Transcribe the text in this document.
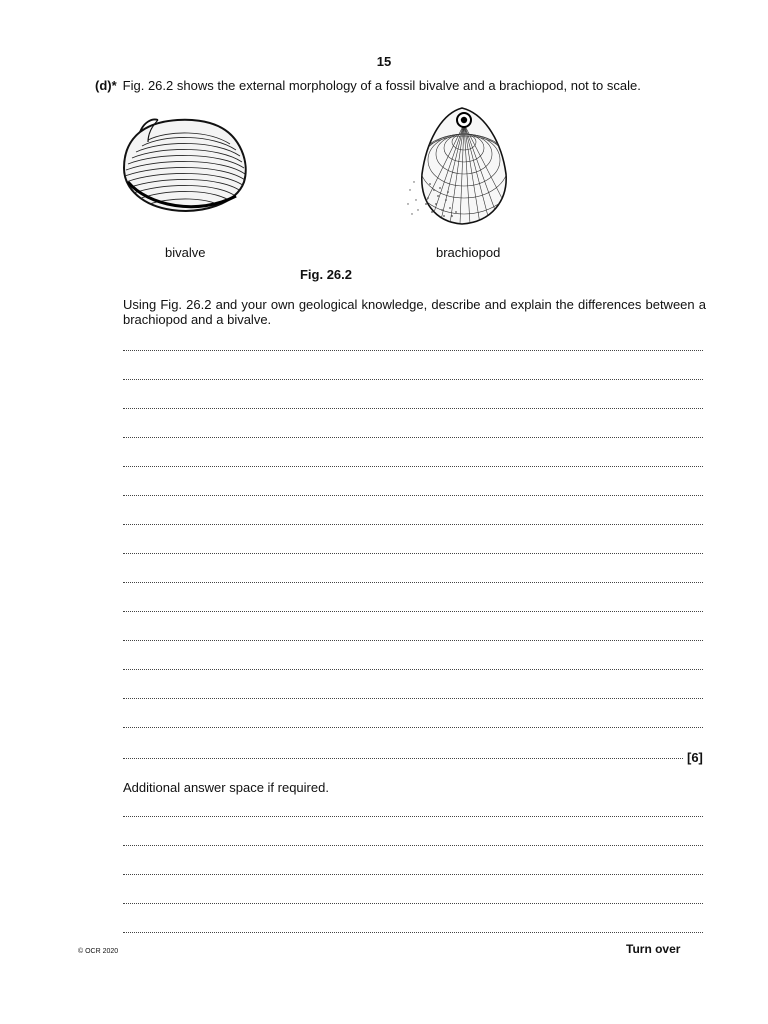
15
(d)* Fig. 26.2 shows the external morphology of a fossil bivalve and a brachiopod, not to scale.
bivalve	brachiopod
Fig. 26.2
Using Fig. 26.2 and your own geological knowledge, describe and explain the differences between a brachiopod and a bivalve.
[6]
Additional answer space if required.
© OCR 2020	Turn over
